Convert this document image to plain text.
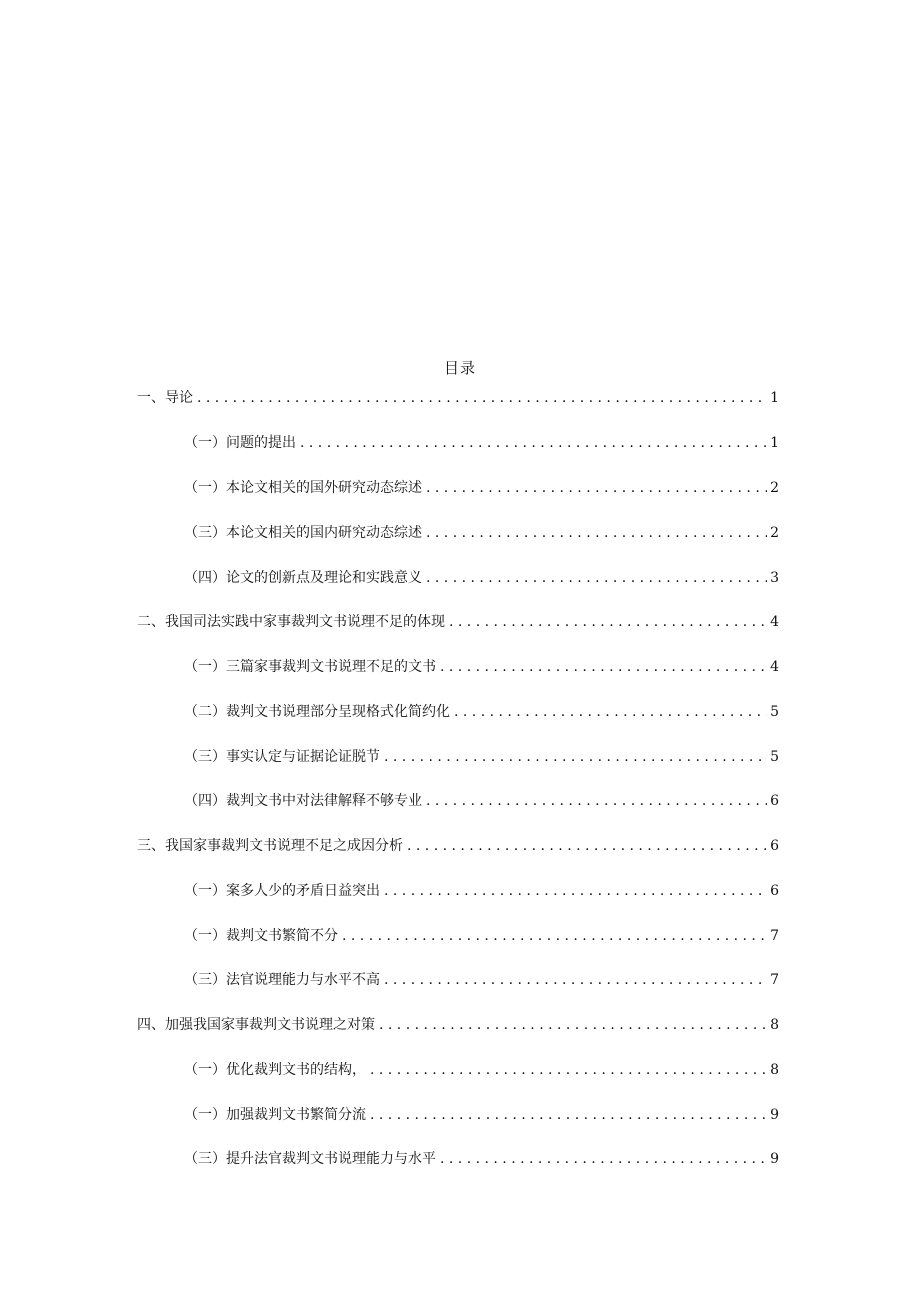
目录
一、导论 . . .	1
（一）问题的提出 . . .	1
（一）本论文相关的国外研究动态综述 . . .	2
（三）本论文相关的国内研究动态综述 . . .	2
（四）论文的创新点及理论和实践意义 . . .	3
二、我国司法实践中家事裁判文书说理不足的体现 . . .	4
（一）三篇家事裁判文书说理不足的文书 . . .	4
（二）裁判文书说理部分呈现格式化简约化 . . .	5
（三）事实认定与证据论证脱节 . . .	5
（四）裁判文书中对法律解释不够专业 . . .	6
三、我国家事裁判文书说理不足之成因分析 . . .	6
（一）案多人少的矛盾日益突出 . . .	6
（一）裁判文书繁简不分 . . .	7
（三）法官说理能力与水平不高 . . .	7
四、加强我国家事裁判文书说理之对策 . . .	8
（一）优化裁判文书的结构， . . .	8
（一）加强裁判文书繁简分流 . . .	9
（三）提升法官裁判文书说理能力与水平 . . .	9
